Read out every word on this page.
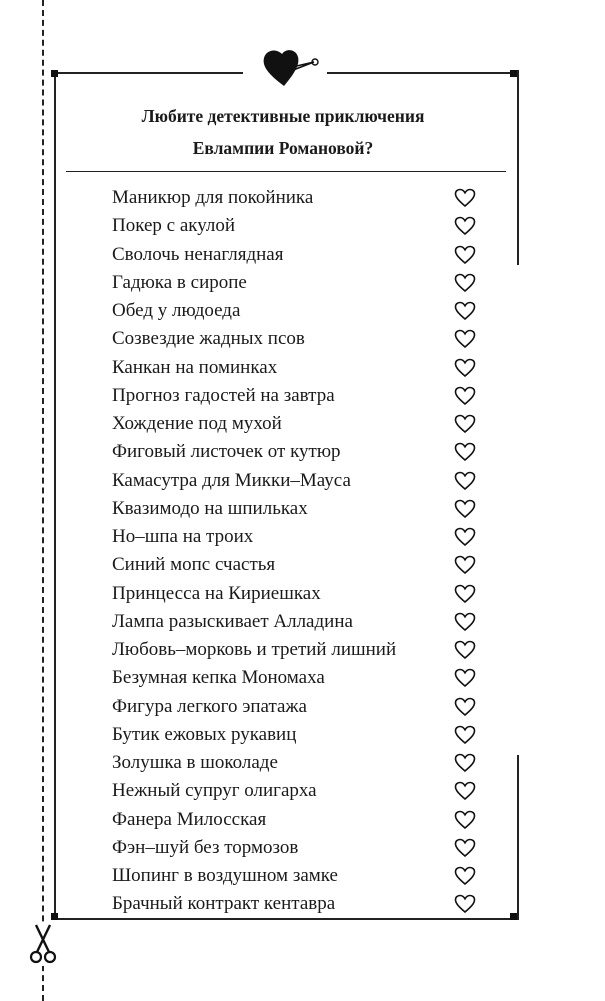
Любите детективные приключения
Евлампии Романовой?
Маникюр для покойника
Покер с акулой
Сволочь ненаглядная
Гадюка в сиропе
Обед у людоеда
Созвездие жадных псов
Канкан на поминках
Прогноз гадостей на завтра
Хождение под мухой
Фиговый листочек от кутюр
Камасутра для Микки–Мауса
Квазимодо на шпильках
Но–шпа на троих
Синий мопс счастья
Принцесса на Кириешках
Лампа разыскивает Алладина
Любовь–морковь и третий лишний
Безумная кепка Мономаха
Фигура легкого эпатажа
Бутик ежовых рукавиц
Золушка в шоколаде
Нежный супруг олигарха
Фанера Милосская
Фэн–шуй без тормозов
Шопинг в воздушном замке
Брачный контракт кентавра
